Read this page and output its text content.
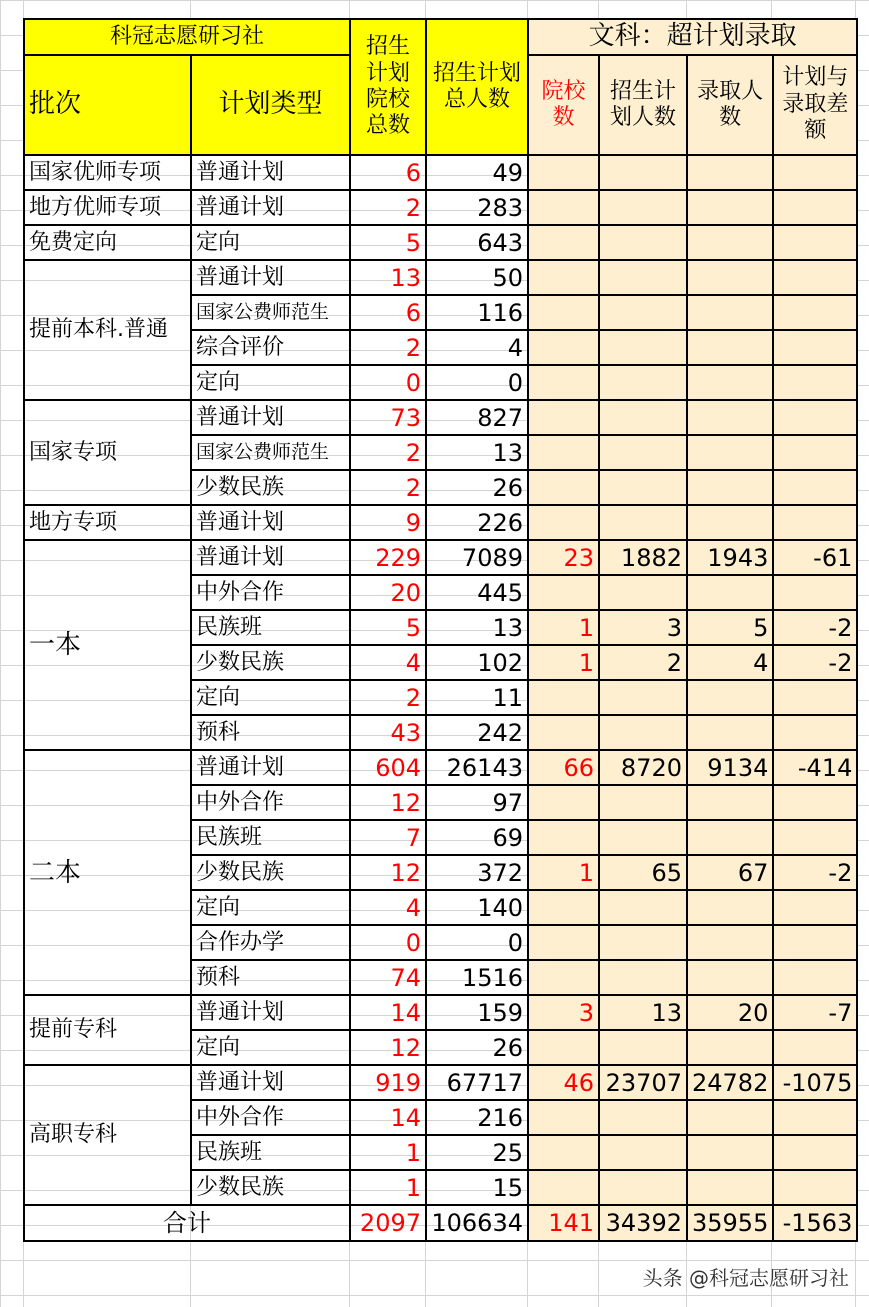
科冠志愿研习社		招生计划院校总数	招生计划总人数	文科：超计划录取			
批次	计划类型			院校数	招生计划人数	录取人数	计划与录取差额
国家优师专项	普通计划	6	49				
地方优师专项	普通计划	2	283				
免费定向	定向	5	643				
提前本科.普通	普通计划	13	50				
	国家公费师范生	6	116				
	综合评价	2	4				
	定向	0	0				
国家专项	普通计划	73	827				
	国家公费师范生	2	13				
	少数民族	2	26				
地方专项	普通计划	9	226				
一本	普通计划	229	7089	23	1882	1943	-61
	中外合作	20	445				
	民族班	5	13	1	3	5	-2
	少数民族	4	102	1	2	4	-2
	定向	2	11				
	预科	43	242				
二本	普通计划	604	26143	66	8720	9134	-414
	中外合作	12	97				
	民族班	7	69				
	少数民族	12	372	1	65	67	-2
	定向	4	140				
	合作办学	0	0				
	预科	74	1516				
提前专科	普通计划	14	159	3	13	20	-7
	定向	12	26				
高职专科	普通计划	919	67717	46	23707	24782	-1075
	中外合作	14	216				
	民族班	1	25				
	少数民族	1	15				
合计		2097	106634	141	34392	35955	-1563
头条 @科冠志愿研习社
